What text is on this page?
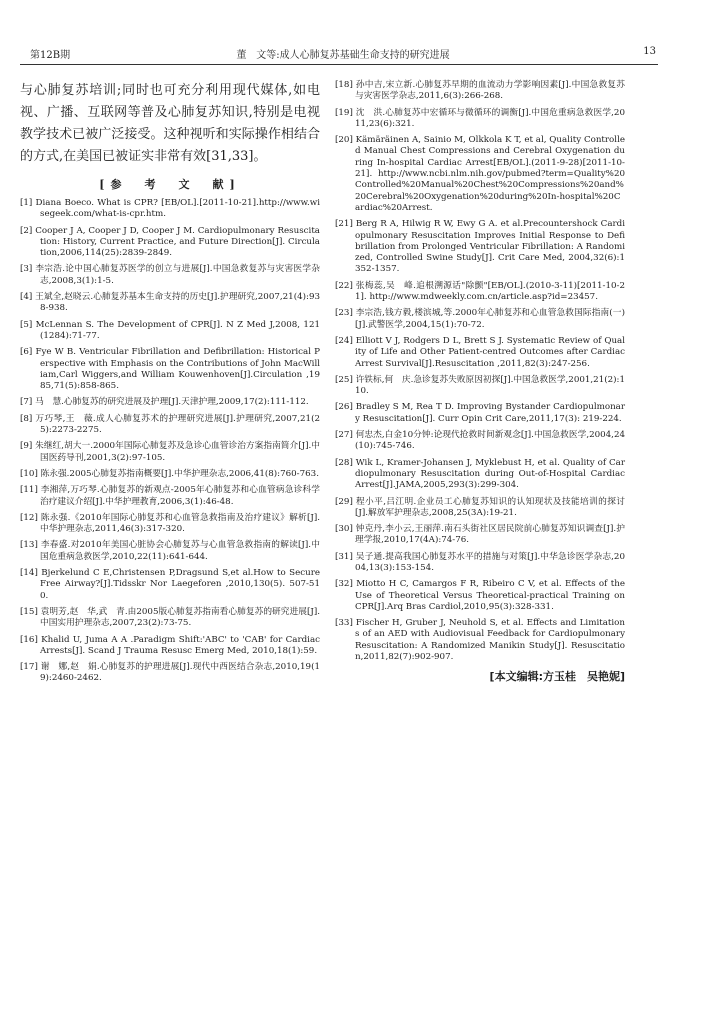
第12B期	董　文等:成人心肺复苏基础生命支持的研究进展	13

与心肺复苏培训;同时也可充分利用现代媒体,如电视、广播、互联网等普及心肺复苏知识,特别是电视教学技术已被广泛接受。这种视听和实际操作相结合的方式,在美国已被证实非常有效[31,33]。

[参　考　文　献]
[1] Diana Boeco. What is CPR? [EB/OL].[2011-10-21].http://www.wisegeek.com/what-is-cpr.htm.
[2] Cooper J A, Cooper J D, Cooper J M. Cardiopulmonary Resuscitation: History, Current Practice, and Future Direction[J]. Circulation,2006,114(25):2839-2849.
[3] 李宗浩.论中国心肺复苏医学的创立与进展[J].中国急救复苏与灾害医学杂志,2008,3(1):1-5.
[4] 王斌全,赵晓云.心肺复苏基本生命支持的历史[J].护理研究,2007,21(4):938-938.
[5] McLennan S. The Development of CPR[J]. N Z Med J,2008, 121(1284):71-77.
[6] Fye W B. Ventricular Fibrillation and Defibrillation: Historical Perspective with Emphasis on the Contributions of John MacWilliam,Carl Wiggers,and William Kouwenhoven[J].Circulation ,1985,71(5):858-865.
[7] 马　慧.心肺复苏的研究进展及护理[J].天津护理,2009,17(2):111-112.
[8] 万巧琴,王　薇.成人心肺复苏术的护理研究进展[J].护理研究,2007,21(25):2273-2275.
[9] 朱继红,胡大一.2000年国际心肺复苏及急诊心血管诊治方案指南简介[J].中国医药导刊,2001,3(2):97-105.
[10] 陈永强.2005心肺复苏指南概要[J].中华护理杂志,2006,41(8):760-763.
[11] 李湘萍,万巧琴.心肺复苏的新观点-2005年心肺复苏和心血管病急诊科学治疗建议介绍[J].中华护理教育,2006,3(1):46-48.
[12] 陈永强.《2010年国际心肺复苏和心血管急救指南及治疗建议》解析[J].中华护理杂志,2011,46(3):317-320.
[13] 李春盛.对2010年美国心脏协会心肺复苏与心血管急救指南的解读[J].中国危重病急救医学,2010,22(11):641-644.
[14] Bjerkelund C E,Christensen P,Dragsund S,et al.How to Secure Free Airway?[J].Tidsskr Nor Laegeforen ,2010,130(5). 507-510.
[15] 袁明芳,赵　华,武　青.由2005版心肺复苏指南看心肺复苏的研究进展[J].中国实用护理杂志,2007,23(2):73-75.
[16] Khalid U, Juma A A .Paradigm Shift:'ABC' to 'CAB' for Cardiac Arrests[J]. Scand J Trauma Resusc Emerg Med, 2010,18(1):59.
[17] 谢　娜,赵　娟.心肺复苏的护理进展[J].现代中西医结合杂志,2010,19(19):2460-2462.
[18] 孙中吉,宋立新.心肺复苏早期的血流动力学影响因素[J].中国急救复苏与灾害医学杂志,2011,6(3):266-268.
[19] 沈　洪.心肺复苏中宏循环与微循环的调衡[J].中国危重病急救医学,2011,23(6):321.
[20] Kämäräinen A, Sainio M, Olkkola K T, et al, Quality Controlled Manual Chest Compressions and Cerebral Oxygenation during In-hospital Cardiac Arrest[EB/OL].(2011-9-28)[2011-10-21]. http://www.ncbi.nlm.nih.gov/pubmed?term=Quality%20Controlled%20Manual%20Chest%20Compressions%20and%20Cerebral%20Oxygenation%20during%20In-hospital%20Cardiac%20Arrest.
[21] Berg R A, Hilwig R W, Ewy G A. et al.Precountershock Cardiopulmonary Resuscitation Improves Initial Response to Defibrillation from Prolonged Ventricular Fibrillation: A Randomized, Controlled Swine Study[J]. Crit Care Med, 2004,32(6):1352-1357.
[22] 张梅蕊,吴　峰.追根溯源话"除颤"[EB/OL].(2010-3-11)[2011-10-21]. http://www.mdweekly.com.cn/article.asp?id=23457.
[23] 李宗浩,钱方毅,楼滨城,等.2000年心肺复苏和心血管急救国际指南(一)[J].武警医学,2004,15(1):70-72.
[24] Elliott V J, Rodgers D L, Brett S J. Systematic Review of Quality of Life and Other Patient-centred Outcomes after Cardiac Arrest Survival[J].Resuscitation ,2011,82(3):247-256.
[25] 许铁标,何　庆.急诊复苏失败原因初探[J].中国急救医学,2001,21(2):110.
[26] Bradley S M, Rea T D. Improving Bystander Cardiopulmonary Resuscitation[J]. Curr Opin Crit Care,2011,17(3): 219-224.
[27] 何忠杰,白金10分钟:论现代抢救时间新观念[J].中国急救医学,2004,24(10):745-746.
[28] Wik L, Kramer-Johansen J, Myklebust H, et al. Quality of Cardiopulmonary Resuscitation during Out-of-Hospital Cardiac Arrest[J].JAMA,2005,293(3):299-304.
[29] 程小平,吕江明.企业员工心肺复苏知识的认知现状及技能培训的探讨[J].解放军护理杂志,2008,25(3A):19-21.
[30] 钟克丹,李小云,王丽萍.南石头街社区居民院前心肺复苏知识调查[J].护理学报,2010,17(4A):74-76.
[31] 吴子通.提高我国心肺复苏水平的措施与对策[J].中华急诊医学杂志,2004,13(3):153-154.
[32] Miotto H C, Camargos F R, Ribeiro C V, et al. Effects of the Use of Theoretical Versus Theoretical-practical Training on CPR[J].Arq Bras Cardiol,2010,95(3):328-331.
[33] Fischer H, Gruber J, Neuhold S, et al. Effects and Limitations of an AED with Audiovisual Feedback for Cardiopulmonary Resuscitation: A Randomized Manikin Study[J]. Resuscitation,2011,82(7):902-907.
[本文编辑:方玉桂　吴艳妮]
